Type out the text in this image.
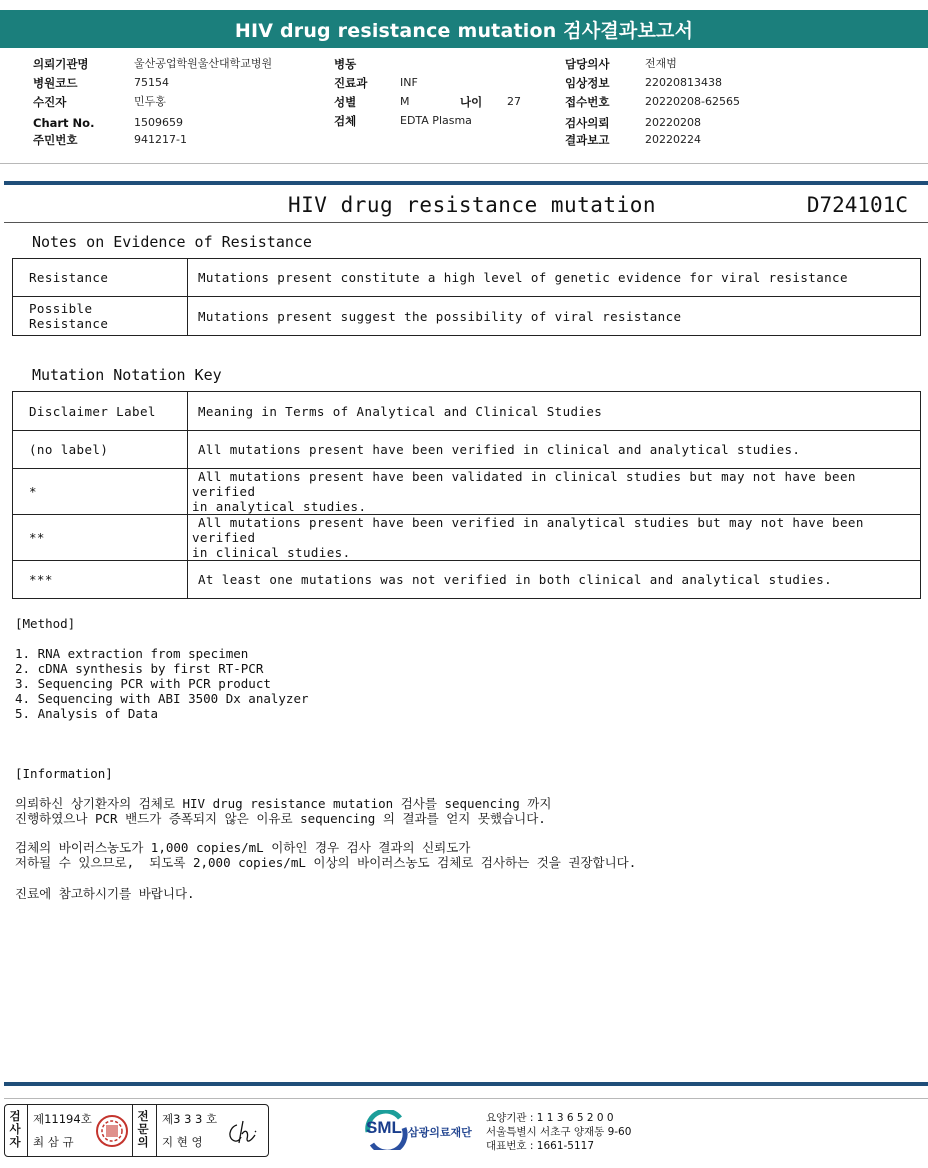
HIV drug resistance mutation 검사결과보고서
의뢰기관명	울산공업학원울산대학교병원
병원코드	75154
수진자	민두홍
Chart No.	1509659
주민번호	941217-1
병동
진료과	INF
성별	M	나이 27
검체	EDTA Plasma
담당의사	전재범
임상정보	22020813438
접수번호	20220208-62565
검사의뢰	20220208
결과보고	20220224
HIV drug resistance mutation	D724101C
Notes on Evidence of Resistance
Resistance	Mutations present constitute a high level of genetic evidence for viral resistance
Possible Resistance	Mutations present suggest the possibility of viral resistance
Mutation Notation Key
Disclaimer Label	Meaning in Terms of Analytical and Clinical Studies
(no label)	All mutations present have been verified in clinical and analytical studies.
*	All mutations present have been validated in clinical studies but may not have been verified
in analytical studies.
**	All mutations present have been verified in analytical studies but may not have been verified
in clinical studies.
***	At least one mutations was not verified in both clinical and analytical studies.
[Method]
1. RNA extraction from specimen
2. cDNA synthesis by first RT-PCR
3. Sequencing PCR with PCR product
4. Sequencing with ABI 3500 Dx analyzer
5. Analysis of Data
[Information]
의뢰하신 상기환자의 검체로 HIV drug resistance mutation 검사를 sequencing 까지
진행하였으나 PCR 밴드가 증폭되지 않은 이유로 sequencing 의 결과를 얻지 못했습니다.
검체의 바이러스농도가 1,000 copies/mL 이하인 경우 검사 결과의 신뢰도가
저하될 수 있으므로,  되도록 2,000 copies/mL 이상의 바이러스농도 검체로 검사하는 것을 권장합니다.
진료에 참고하시기를 바랍니다.
검
사
자
제11194호
최 삼 규
전
문
의
제3 3 3 호
지 현 영
SML 삼광의료재단
요양기관 : 1 1 3 6 5 2 0 0
서울특별시 서초구 양재동 9-60
대표번호 : 1661-5117
